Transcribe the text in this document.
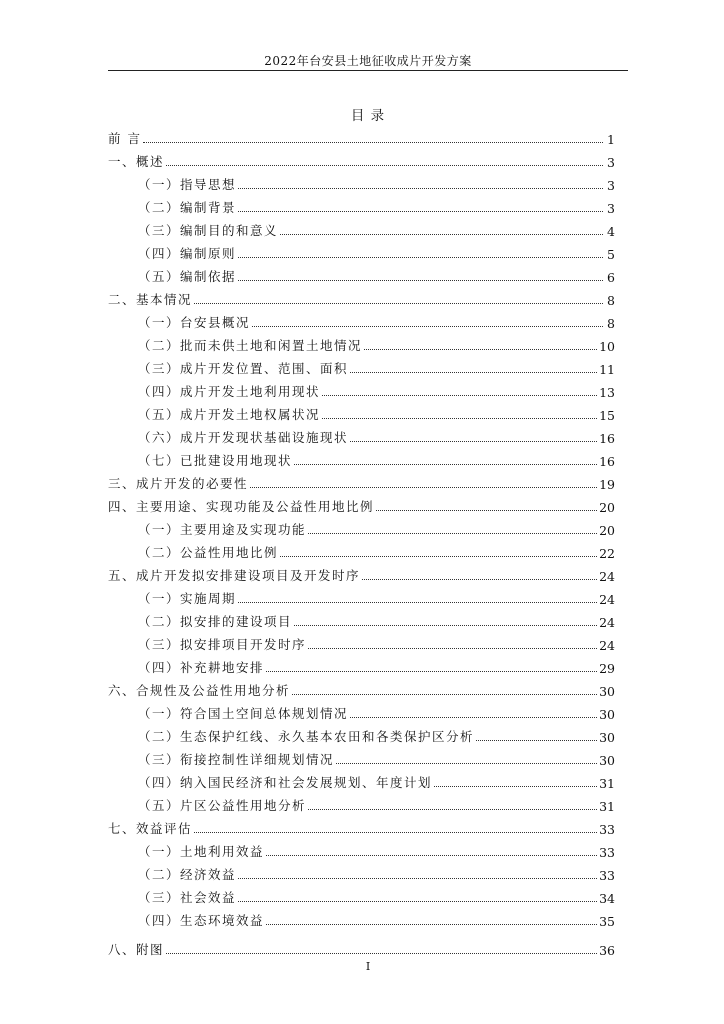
2022年台安县土地征收成片开发方案
目 录
前 言	1
一、概述	3
（一）指导思想	3
（二）编制背景	3
（三）编制目的和意义	4
（四）编制原则	5
（五）编制依据	6
二、基本情况	8
（一）台安县概况	8
（二）批而未供土地和闲置土地情况	10
（三）成片开发位置、范围、面积	11
（四）成片开发土地利用现状	13
（五）成片开发土地权属状况	15
（六）成片开发现状基础设施现状	16
（七）已批建设用地现状	16
三、成片开发的必要性	19
四、主要用途、实现功能及公益性用地比例	20
（一）主要用途及实现功能	20
（二）公益性用地比例	22
五、成片开发拟安排建设项目及开发时序	24
（一）实施周期	24
（二）拟安排的建设项目	24
（三）拟安排项目开发时序	24
（四）补充耕地安排	29
六、合规性及公益性用地分析	30
（一）符合国土空间总体规划情况	30
（二）生态保护红线、永久基本农田和各类保护区分析	30
（三）衔接控制性详细规划情况	30
（四）纳入国民经济和社会发展规划、年度计划	31
（五）片区公益性用地分析	31
七、效益评估	33
（一）土地利用效益	33
（二）经济效益	33
（三）社会效益	34
（四）生态环境效益	35
八、附图	36
I
